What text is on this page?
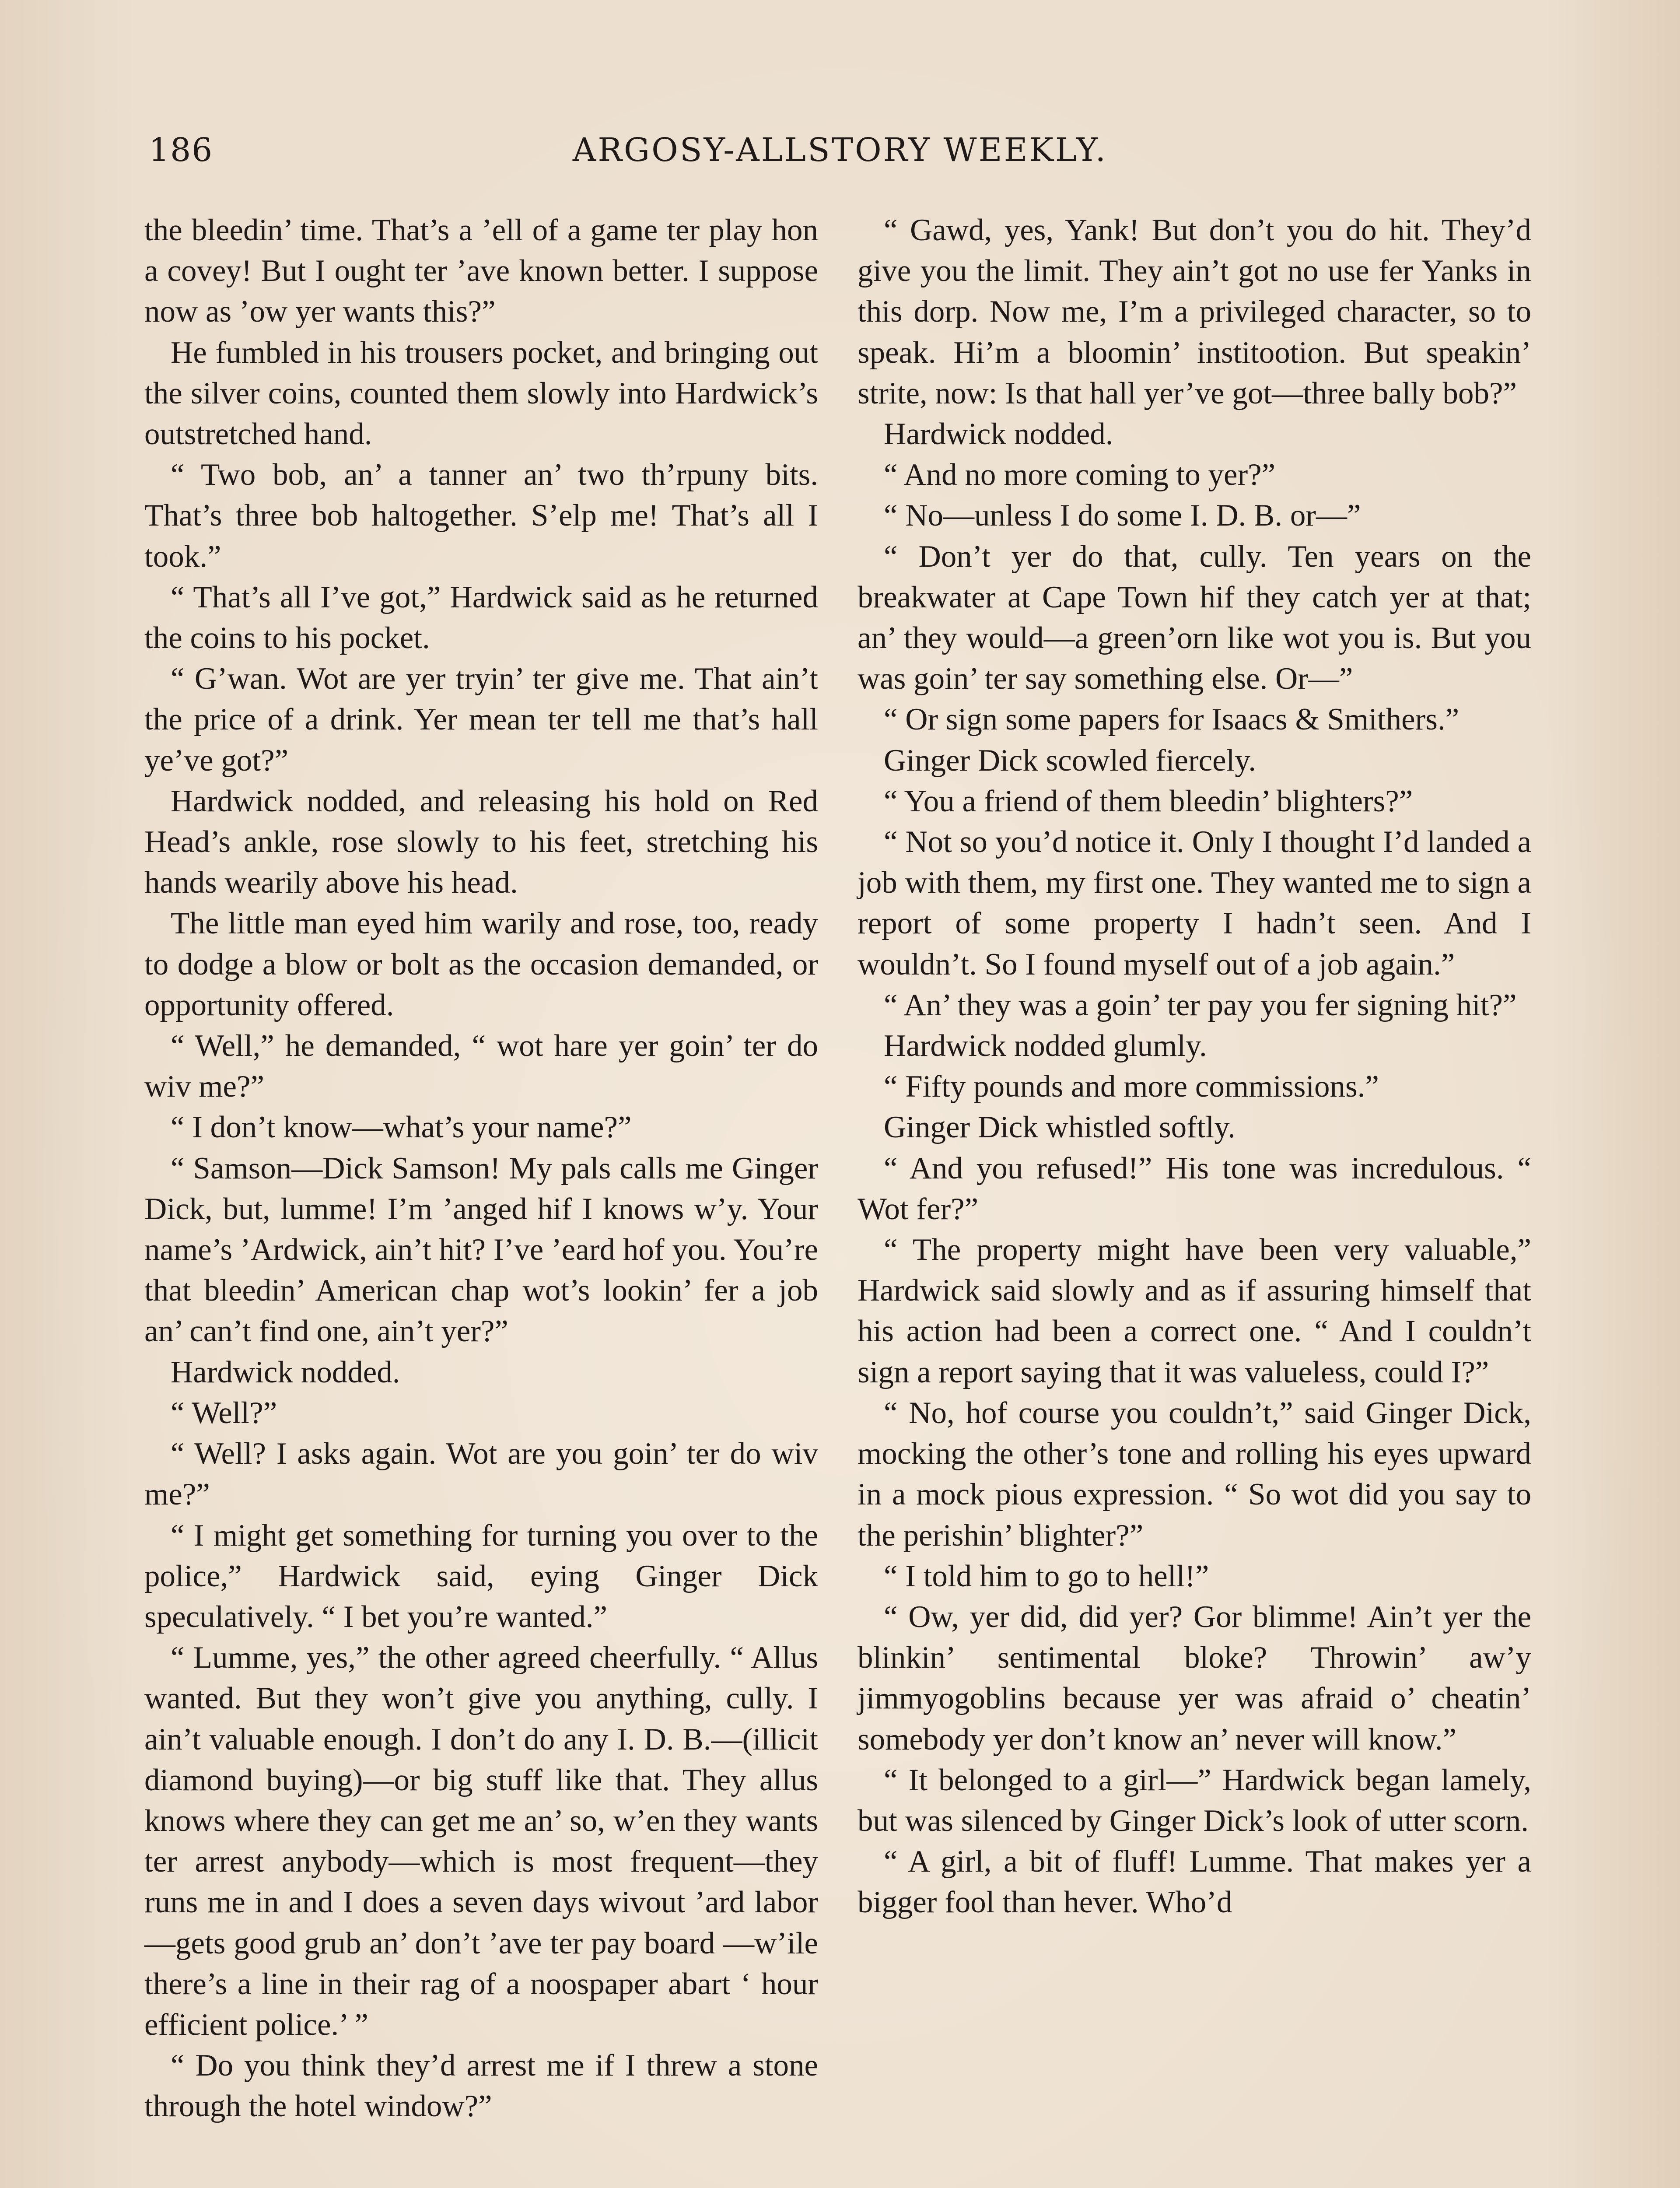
186	ARGOSY-ALLSTORY WEEKLY.

the bleedin’ time. That’s a ’ell of a game ter play hon a covey! But I ought ter ’ave known better. I suppose now as ’ow yer wants this?”

He fumbled in his trousers pocket, and bringing out the silver coins, counted them slowly into Hardwick’s outstretched hand.

“ Two bob, an’ a tanner an’ two th’rpuny bits. That’s three bob haltogether. S’elp me! That’s all I took.”

“ That’s all I’ve got,” Hardwick said as he returned the coins to his pocket.

“ G’wan. Wot are yer tryin’ ter give me. That ain’t the price of a drink. Yer mean ter tell me that’s hall ye’ve got?”

Hardwick nodded, and releasing his hold on Red Head’s ankle, rose slowly to his feet, stretching his hands wearily above his head.

The little man eyed him warily and rose, too, ready to dodge a blow or bolt as the occasion demanded, or opportunity offered.

“ Well,” he demanded, “ wot hare yer goin’ ter do wiv me?”

“ I don’t know—what’s your name?”

“ Samson—Dick Samson! My pals calls me Ginger Dick, but, lumme! I’m ’anged hif I knows w’y. Your name’s ’Ardwick, ain’t hit? I’ve ’eard hof you. You’re that bleedin’ American chap wot’s lookin’ fer a job an’ can’t find one, ain’t yer?”

Hardwick nodded.

“ Well?”

“ Well? I asks again. Wot are you goin’ ter do wiv me?”

“ I might get something for turning you over to the police,” Hardwick said, eying Ginger Dick speculatively. “ I bet you’re wanted.”

“ Lumme, yes,” the other agreed cheerfully. “ Allus wanted. But they won’t give you anything, cully. I ain’t valuable enough. I don’t do any I. D. B.—(illicit diamond buying)—or big stuff like that. They allus knows where they can get me an’ so, w’en they wants ter arrest anybody—which is most frequent—they runs me in and I does a seven days wivout ’ard labor—gets good grub an’ don’t ’ave ter pay board —w’ile there’s a line in their rag of a noospaper abart ‘ hour efficient police.’ ”

“ Do you think they’d arrest me if I threw a stone through the hotel window?”

“ Gawd, yes, Yank! But don’t you do hit. They’d give you the limit. They ain’t got no use fer Yanks in this dorp. Now me, I’m a privileged character, so to speak. Hi’m a bloomin’ institootion. But speakin’ strite, now: Is that hall yer’ve got—three bally bob?”

Hardwick nodded.

“ And no more coming to yer?”

“ No—unless I do some I. D. B. or—”

“ Don’t yer do that, cully. Ten years on the breakwater at Cape Town hif they catch yer at that; an’ they would—a green’orn like wot you is. But you was goin’ ter say something else. Or—”

“ Or sign some papers for Isaacs & Smithers.”

Ginger Dick scowled fiercely.

“ You a friend of them bleedin’ blighters?”

“ Not so you’d notice it. Only I thought I’d landed a job with them, my first one. They wanted me to sign a report of some property I hadn’t seen. And I wouldn’t. So I found myself out of a job again.”

“ An’ they was a goin’ ter pay you fer signing hit?”

Hardwick nodded glumly.

“ Fifty pounds and more commissions.”

Ginger Dick whistled softly.

“ And you refused!” His tone was incredulous. “ Wot fer?”

“ The property might have been very valuable,” Hardwick said slowly and as if assuring himself that his action had been a correct one. “ And I couldn’t sign a report saying that it was valueless, could I?”

“ No, hof course you couldn’t,” said Ginger Dick, mocking the other’s tone and rolling his eyes upward in a mock pious expression. “ So wot did you say to the perishin’ blighter?”

“ I told him to go to hell!”

“ Ow, yer did, did yer? Gor blimme! Ain’t yer the blinkin’ sentimental bloke? Throwin’ aw’y jimmyogoblins because yer was afraid o’ cheatin’ somebody yer don’t know an’ never will know.”

“ It belonged to a girl—” Hardwick began lamely, but was silenced by Ginger Dick’s look of utter scorn.

“ A girl, a bit of fluff! Lumme. That makes yer a bigger fool than hever. Who’d
